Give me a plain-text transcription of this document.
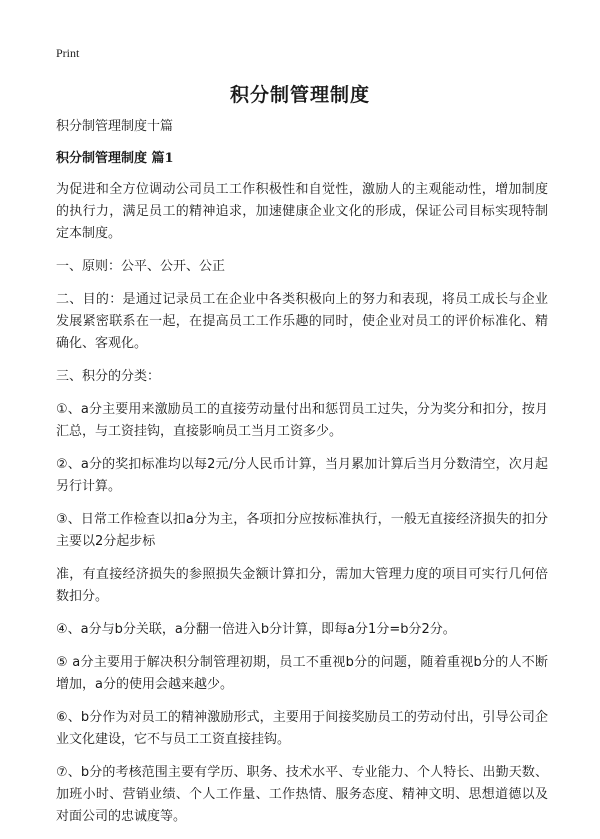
Print
积分制管理制度

积分制管理制度十篇

积分制管理制度 篇1

为促进和全方位调动公司员工工作积极性和自觉性，激励人的主观能动性，增加制度的执行力，满足员工的精神追求，加速健康企业文化的形成，保证公司目标实现特制定本制度。

一、原则：公平、公开、公正

二、目的：是通过记录员工在企业中各类积极向上的努力和表现，将员工成长与企业发展紧密联系在一起，在提高员工工作乐趣的同时，使企业对员工的评价标准化、精确化、客观化。

三、积分的分类：

①、a分主要用来激励员工的直接劳动量付出和惩罚员工过失，分为奖分和扣分，按月汇总，与工资挂钩，直接影响员工当月工资多少。

②、a分的奖扣标准均以每2元/分人民币计算，当月累加计算后当月分数清空，次月起另行计算。

③、日常工作检查以扣a分为主，各项扣分应按标准执行，一般无直接经济损失的扣分主要以2分起步标

准，有直接经济损失的参照损失金额计算扣分，需加大管理力度的项目可实行几何倍数扣分。

④、a分与b分关联，a分翻一倍进入b分计算，即每a分1分=b分2分。

⑤ a分主要用于解决积分制管理初期，员工不重视b分的问题，随着重视b分的人不断增加，a分的使用会越来越少。

⑥、b分作为对员工的精神激励形式，主要用于间接奖励员工的劳动付出，引导公司企业文化建设，它不与员工工资直接挂钩。

⑦、b分的考核范围主要有学历、职务、技术水平、专业能力、个人特长、出勤天数、加班小时、营销业绩、个人工作量、工作热情、服务态度、精神文明、思想道德以及对面公司的忠诚度等。
